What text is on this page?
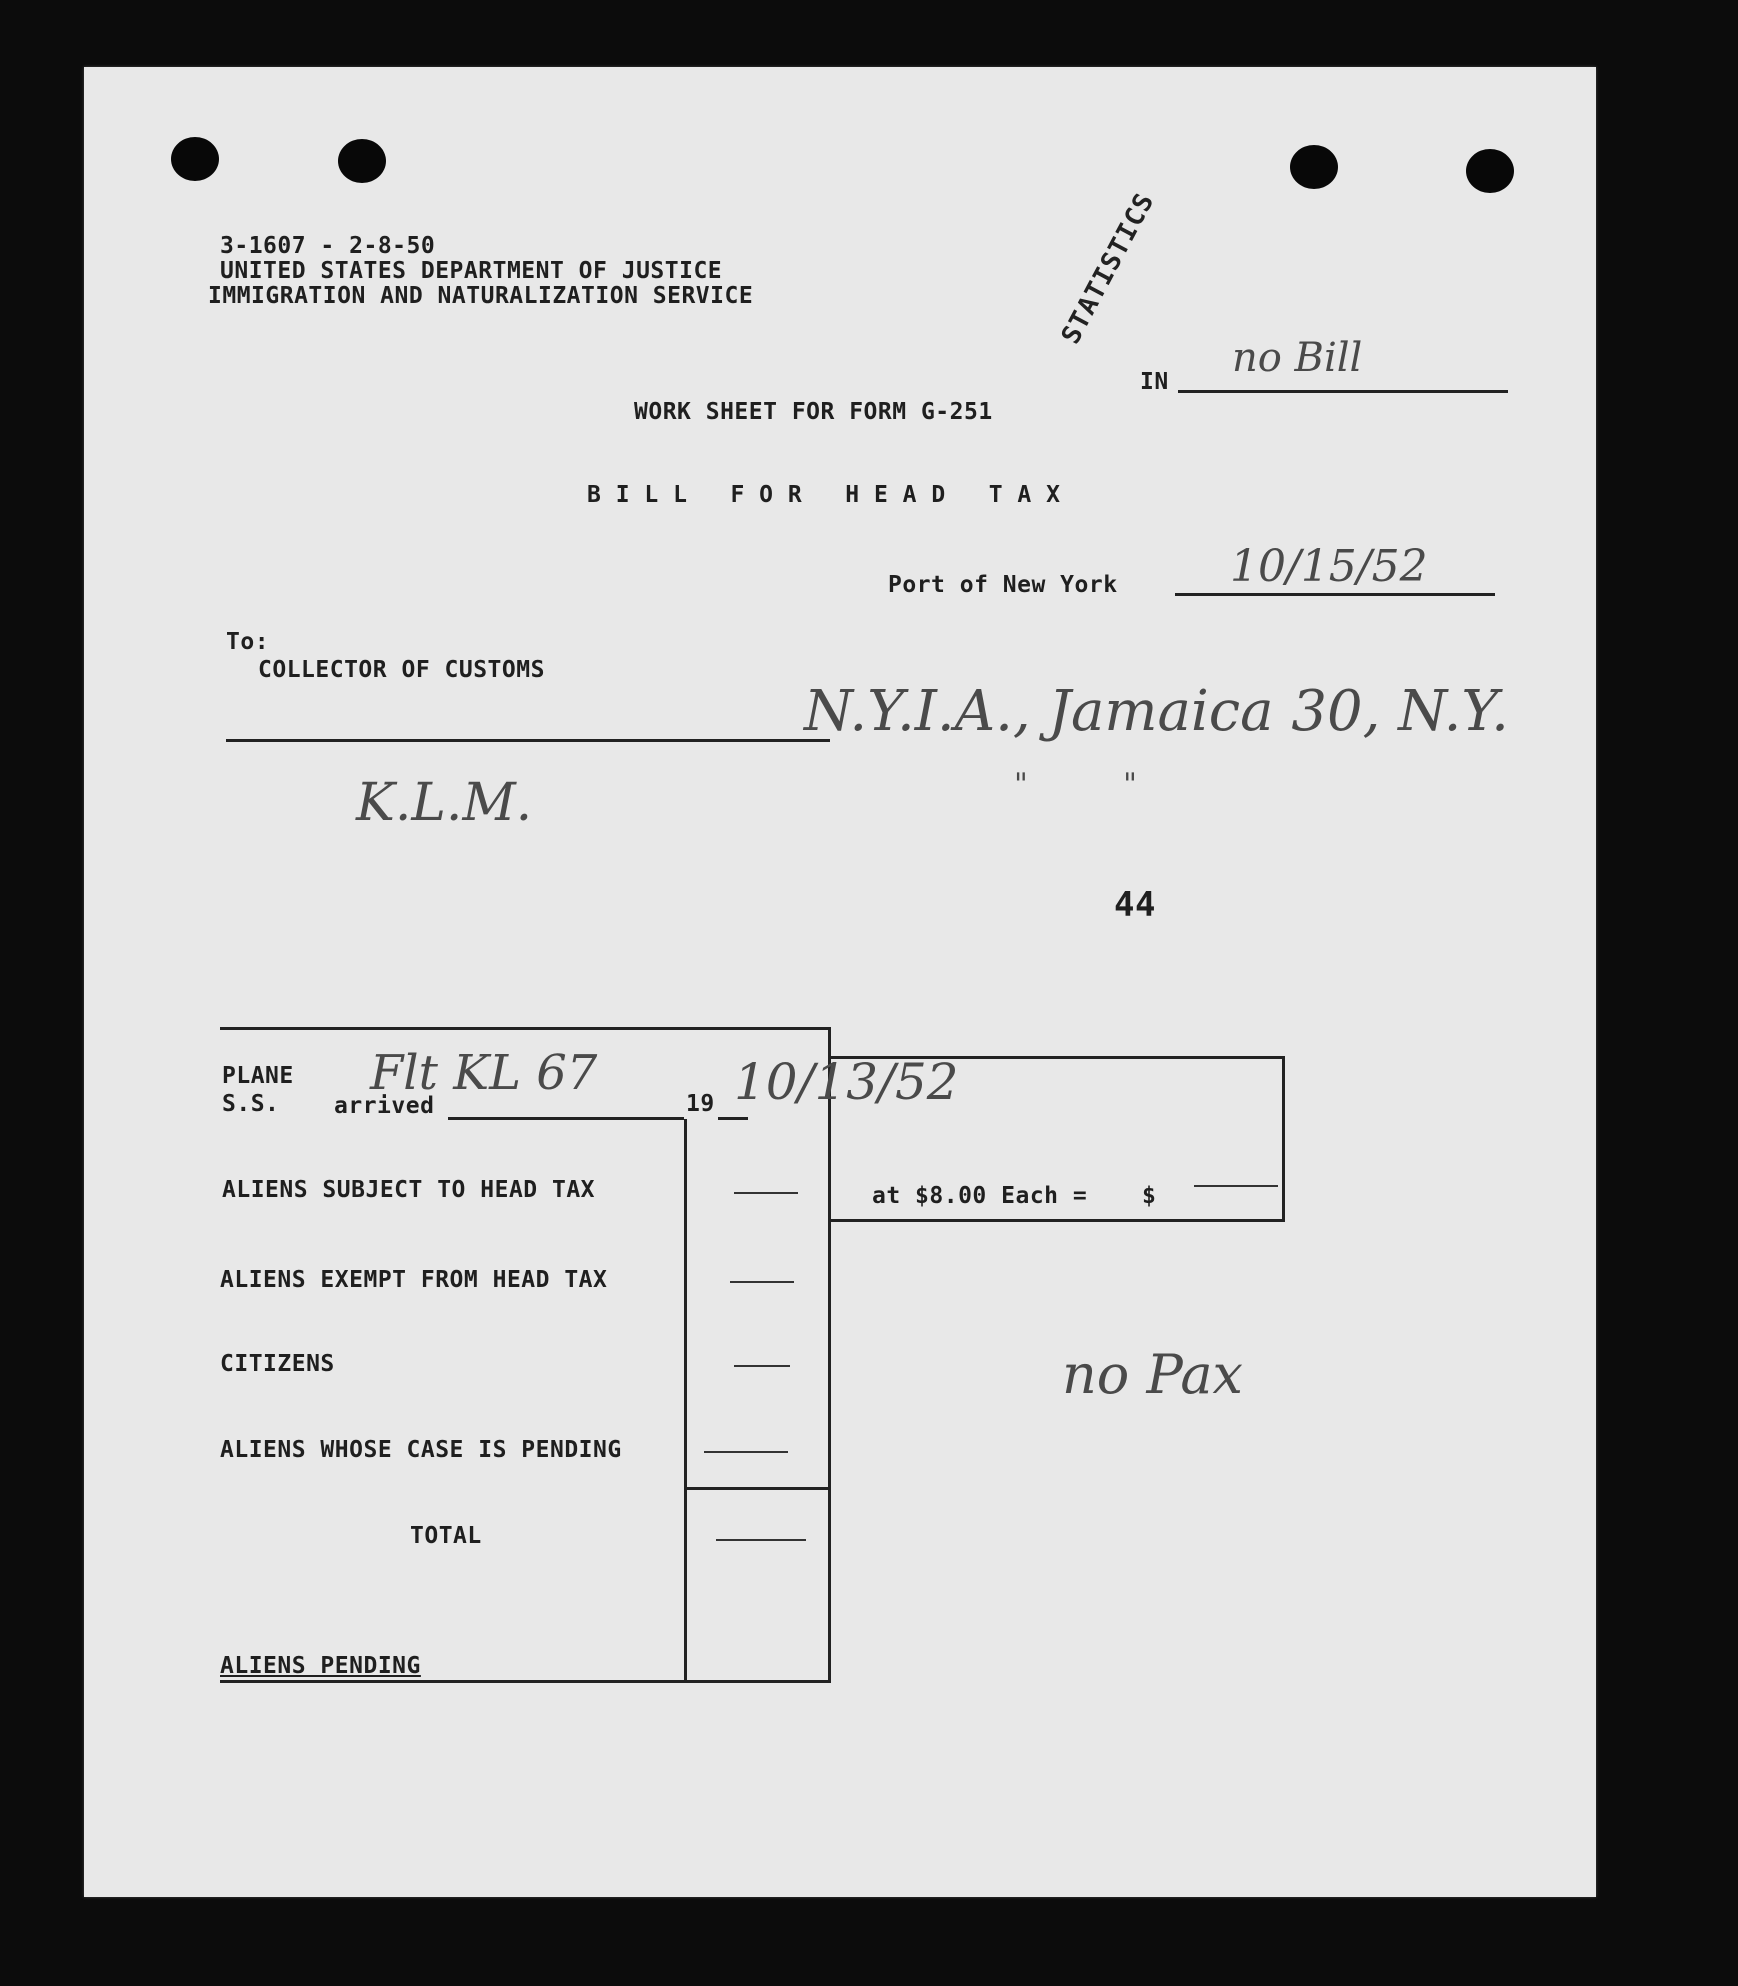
3-1607 - 2-8-50
UNITED STATES DEPARTMENT OF JUSTICE
IMMIGRATION AND NATURALIZATION SERVICE	STATISTICS
IN
no Bill
WORK SHEET FOR FORM G-251
B I L L   F O R   H E A D   T A X
Port of New York	10/15/52
To:
COLLECTOR OF CUSTOMS
N.Y.I.A., Jamaica 30, N.Y.
"          "
K.L.M.
44
PLANE
S.S. arrived	19
Flt KL 67	10/13/52
ALIENS SUBJECT TO HEAD TAX
ALIENS EXEMPT FROM HEAD TAX
CITIZENS
ALIENS WHOSE CASE IS PENDING
TOTAL
at $8.00 Each = $
no Pax
ALIENS PENDING
